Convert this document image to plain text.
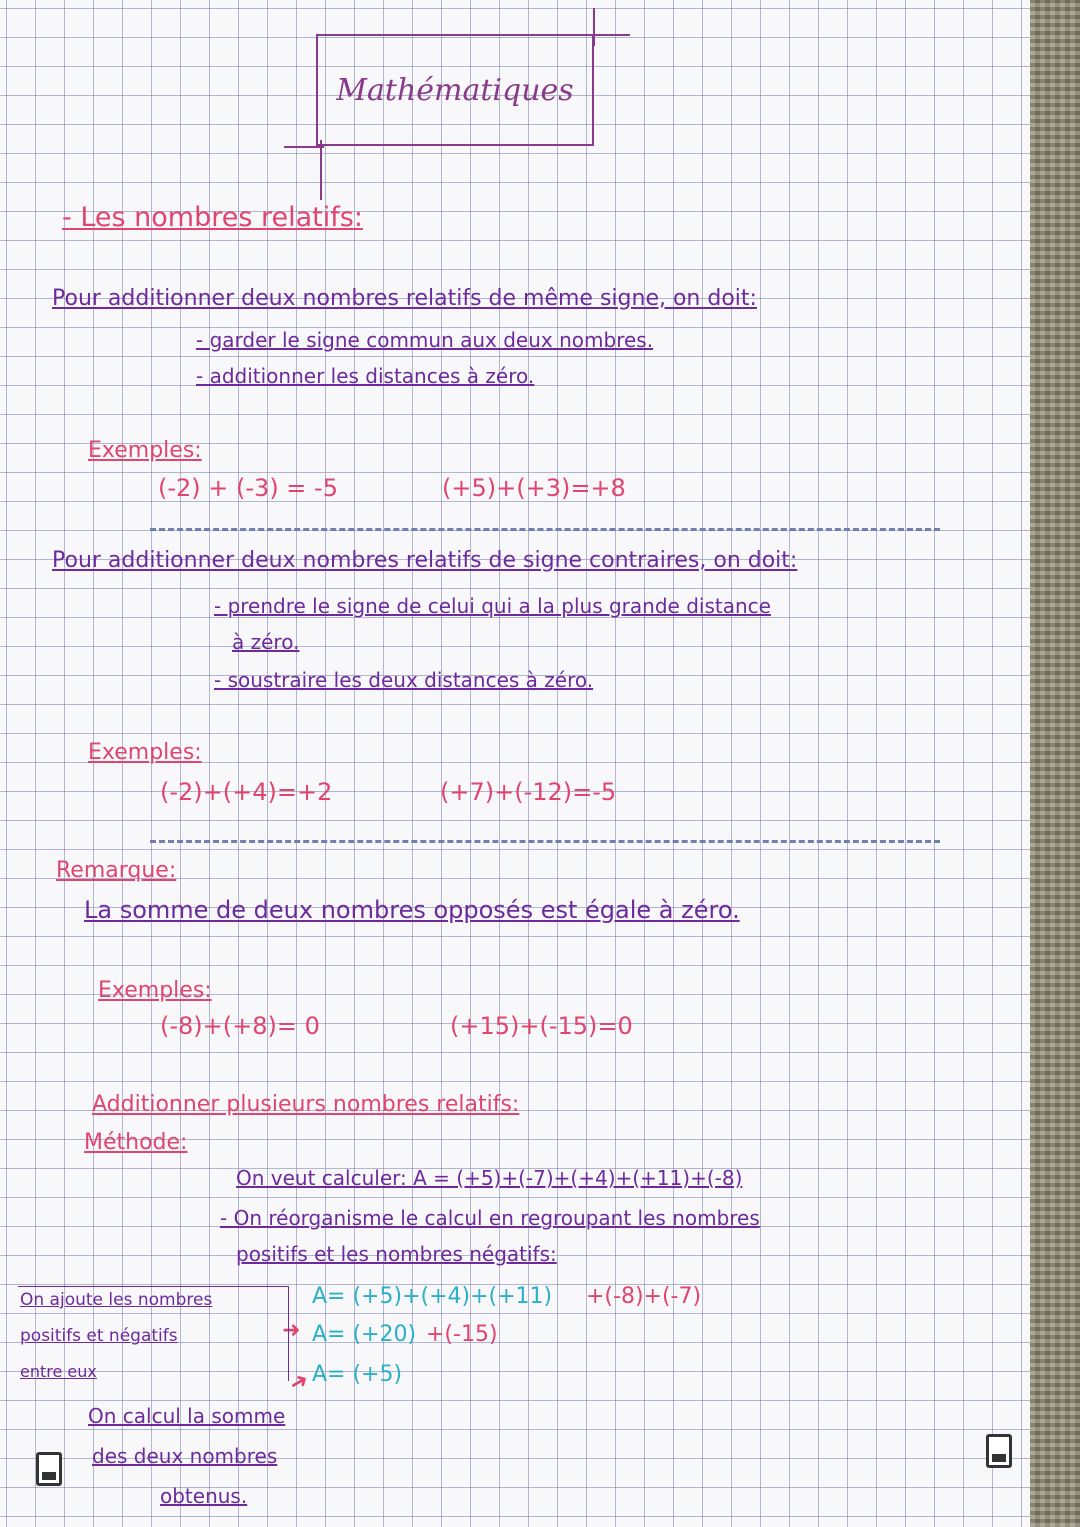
Mathématiques
- Les nombres relatifs:
Pour additionner deux nombres relatifs de même signe, on doit:
- garder le signe commun aux deux nombres.
- additionner les distances à zéro.
Exemples:
(-2) + (-3) = -5	(+5)+(+3)=+8
Pour additionner deux nombres relatifs de signe contraires, on doit:
- prendre le signe de celui qui a la plus grande distance
à zéro.
- soustraire les deux distances à zéro.
Exemples:
(-2)+(+4)=+2	(+7)+(-12)=-5
Remarque:
La somme de deux nombres opposés est égale à zéro.
Exemples:
(-8)+(+8)= 0	(+15)+(-15)=0
Additionner plusieurs nombres relatifs:
Méthode:
On veut calculer: A = (+5)+(-7)+(+4)+(+11)+(-8)
- On réorganisme le calcul en regroupant les nombres
positifs et les nombres négatifs:
A= (+5)+(+4)+(+11) +(-8)+(-7)
A= (+20) +(-15)
A= (+5)
➜
➜
On ajoute les nombres
positifs et négatifs
entre eux
On calcul la somme
des deux nombres
obtenus.
